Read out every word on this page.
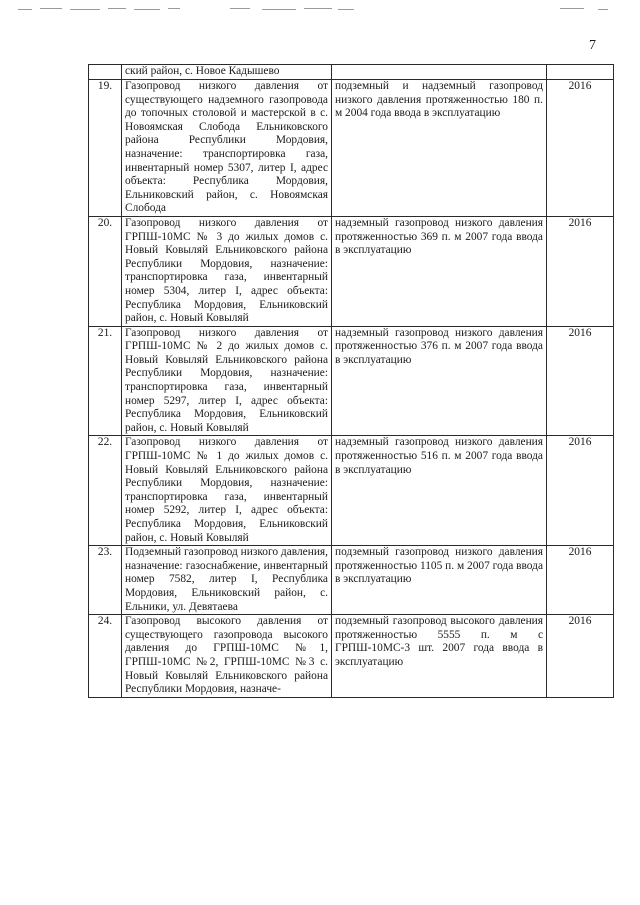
7
	ский район, с. Новое Кадышево		
19.	Газопровод низкого давления от существующего надземного газопровода до топочных столовой и мастерской в с. Новоямская Слобода Ельниковского района Республики Мордовия, назначение: транспортировка газа, инвентарный номер 5307, литер I, адрес объекта: Республика Мордовия, Ельниковский район, с. Новоямская Слобода	подземный и надземный газопровод низкого давления протяженностью 180 п. м 2004 года ввода в эксплуатацию	2016
20.	Газопровод низкого давления от ГРПШ-10МС № 3 до жилых домов с. Новый Ковыляй Ельниковского района Республики Мордовия, назначение: транспортировка газа, инвентарный номер 5304, литер I, адрес объекта: Республика Мордовия, Ельниковский район, с. Новый Ковыляй	надземный газопровод низкого давления протяженностью 369 п. м 2007 года ввода в эксплуатацию	2016
21.	Газопровод низкого давления от ГРПШ-10МС № 2 до жилых домов с. Новый Ковыляй Ельниковского района Республики Мордовия, назначение: транспортировка газа, инвентарный номер 5297, литер I, адрес объекта: Республика Мордовия, Ельниковский район, с. Новый Ковыляй	надземный газопровод низкого давления протяженностью 376 п. м 2007 года ввода в эксплуатацию	2016
22.	Газопровод низкого давления от ГРПШ-10МС № 1 до жилых домов с. Новый Ковыляй Ельниковского района Республики Мордовия, назначение: транспортировка газа, инвентарный номер 5292, литер I, адрес объекта: Республика Мордовия, Ельниковский район, с. Новый Ковыляй	надземный газопровод низкого давления протяженностью 516 п. м 2007 года ввода в эксплуатацию	2016
23.	Подземный газопровод низкого давления, назначение: газоснабжение, инвентарный номер 7582, литер I, Республика Мордовия, Ельниковский район, с. Ельники, ул. Девятаева	подземный газопровод низкого давления протяженностью 1105 п. м 2007 года ввода в эксплуатацию	2016
24.	Газопровод высокого давления от существующего газопровода высокого давления до ГРПШ-10МС №1, ГРПШ-10МС №2, ГРПШ-10МС №3 с. Новый Ковыляй Ельниковского района Республики Мордовия, назначе-	подземный газопровод высокого давления протяженностью 5555 п. м с ГРПШ-10МС-3 шт. 2007 года ввода в эксплуатацию	2016
